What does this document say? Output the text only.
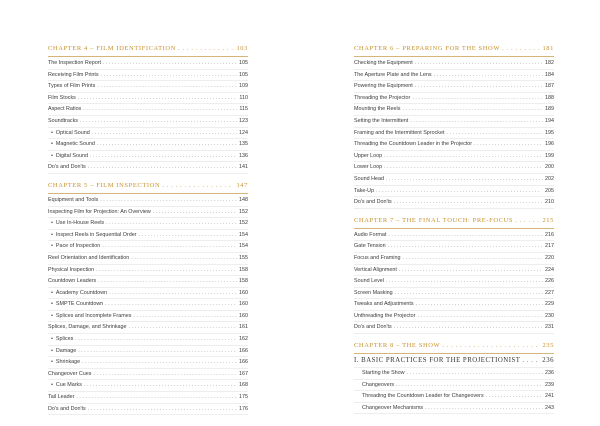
CHAPTER 4 – FILM IDENTIFICATION . . .	103
The Inspection Report . . .	105
Receiving Film Prints . . .	105
Types of Film Prints . . .	109
Film Stocks . . .	110
Aspect Ratios . . .	115
Soundtracks . . .	123
• Optical Sound . . .	124
• Magnetic Sound . . .	135
• Digital Sound . . .	136
Do's and Don'ts . . .	141
CHAPTER 5 – FILM INSPECTION . . .	147
Equipment and Tools . . .	148
Inspecting Film for Projection: An Overview . . .	152
• Use In-House Reels . . .	152
• Inspect Reels in Sequential Order . . .	154
• Pace of Inspection . . .	154
Reel Orientation and Identification . . .	155
Physical Inspection . . .	158
Countdown Leaders . . .	158
• Academy Countdown . . .	160
• SMPTE Countdown . . .	160
• Splices and Incomplete Frames . . .	160
Splices, Damage, and Shrinkage . . .	161
• Splices . . .	162
• Damage . . .	166
• Shrinkage . . .	166
Changeover Cues . . .	167
• Cue Marks . . .	168
Tail Leader . . .	175
Do's and Don'ts . . .	176
CHAPTER 6 – PREPARING FOR THE SHOW . . .	181
Checking the Equipment . . .	182
The Aperture Plate and the Lens . . .	184
Powering the Equipment . . .	187
Threading the Projector . . .	188
Mounting the Reels . . .	189
Setting the Intermittent . . .	194
Framing and the Intermittent Sprocket . . .	195
Threading the Countdown Leader in the Projector . . .	196
Upper Loop . . .	199
Lower Loop . . .	200
Sound Head . . .	202
Take-Up . . .	205
Do's and Don'ts . . .	210
CHAPTER 7 – THE FINAL TOUCH: PRE-FOCUS . . .	215
Audio Format . . .	216
Gate Tension . . .	217
Focus and Framing . . .	220
Vertical Alignment . . .	224
Sound Level . . .	226
Screen Masking . . .	227
Tweaks and Adjustments . . .	229
Unthreading the Projector . . .	230
Do's and Don'ts . . .	231
CHAPTER 8 – THE SHOW . . .	235
I. BASIC PRACTICES FOR THE PROJECTIONIST . . .	236
Starting the Show . . .	236
Changeovers . . .	239
Threading the Countdown Leader for Changeovers . . .	241
Changeover Mechanisms . . .	243
